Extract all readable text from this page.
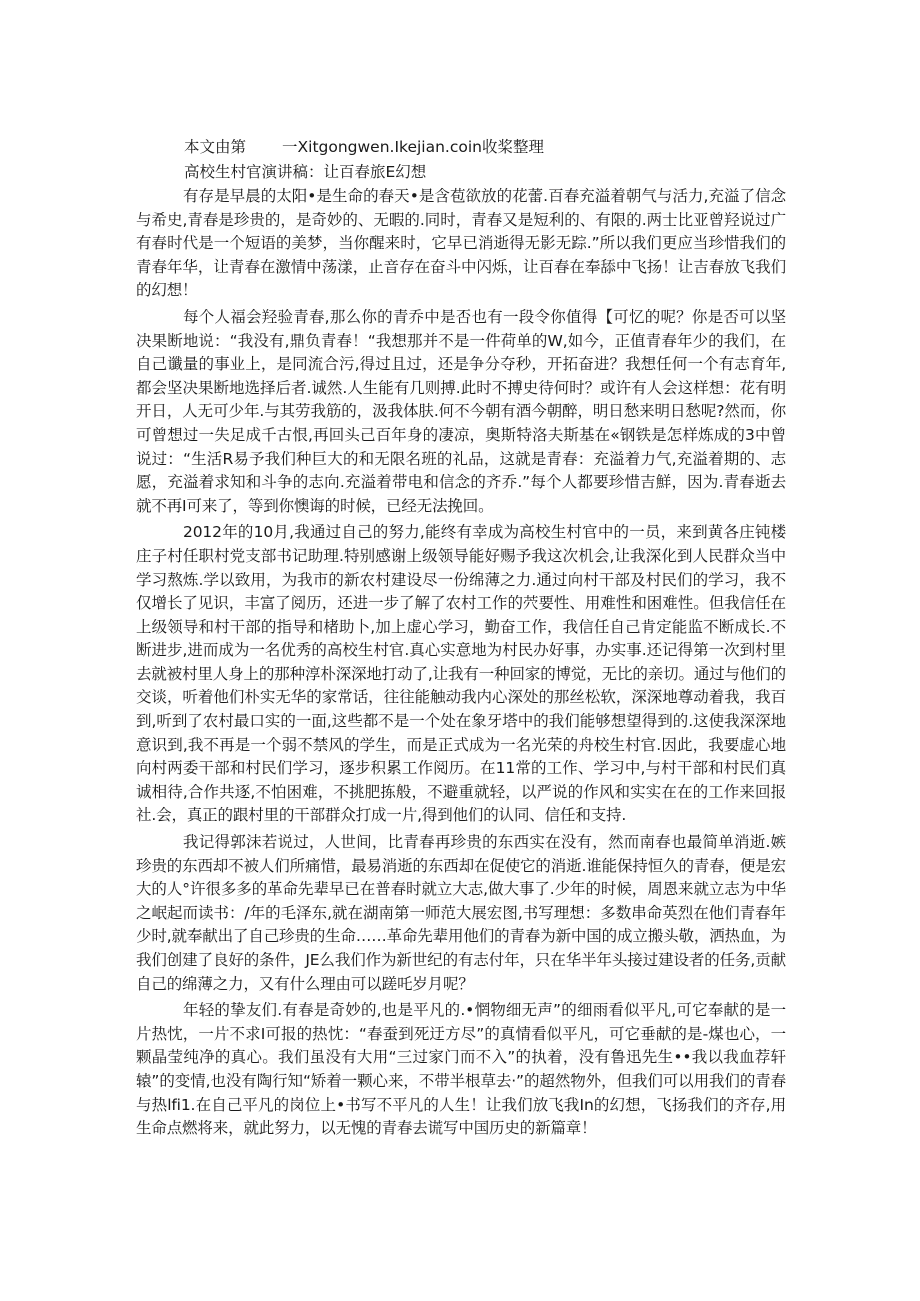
本文由第 一Xitgongwen.Ikejian.coin收桨整理
高校生村官演讲稿：让百春旅E幻想

有存是早晨的太阳•是生命的春天•是含苞欲放的花蕾.百春充溢着朝气与活力,充溢了信念与希史,青春是珍贵的，是奇妙的、无暇的.同时，青春又是短利的、有限的.两士比亚曾羟说过广有春时代是一个短语的美梦，当你醒来时，它早已消逝得无影无踪.”所以我们更应当珍惜我们的青春年华，让青春在激情中荡漾，止音存在奋斗中闪烁，让百春在奉舔中飞扬！让吉春放飞我们的幻想！

每个人福会羟验青春,那么你的青乔中是否也有一段令你值得【可忆的呢？你是否可以坚决果断地说：“我没有,鼎负青春！“我想那并不是一件荷单的W,如今，正值青春年少的我们，在自己谶量的事业上，是同流合污,得过且过，还是争分夺秒，开拓奋进？我想任何一个有志育年,都会坚决果断地选择后者.诚然.人生能有几则搏.此时不搏史待何时？或许有人会这样想：花有明开日，人无可少年.与其劳我筋的，汲我体肤.何不今朝有酒今朝醉，明日愁来明日愁呢?然而，你可曾想过一失足成千古恨,再回头己百年身的凄凉，奥斯特洛夫斯基在«钢铁是怎样炼成的3中曾说过：“生活R易予我们种巨大的和无限名班的礼品，这就是青春：充溢着力气,充溢着期的、志愿，充溢着求知和斗争的志向.充溢着带电和信念的齐乔.”每个人都要珍惜吉鮮，因为.青春逝去就不再I可来了，等到你懊诲的时候，已经无法挽回。

2012年的10月,我通过自己的努力,能终有幸成为高校生村官中的一员，来到黄各庄钝楼庄子村任职村党支部书记助理.特别感谢上级领导能好赐予我这次机会,让我深化到人民群众当中学习熬炼.学以致用，为我市的新农村建设尽一份绵薄之力.通过向村干部及村民们的学习，我不仅增长了见识，丰富了阅历，还进一步了解了农村工作的茓要性、用难性和困难性。但我信任在上级领导和村干部的指导和楮助卜,加上虚心学习，勤奋工作，我信任自己肯定能监不断成长.不断进步,进而成为一名优秀的高校生村官.真心实意地为村民办好事，办实事.还记得第一次到村里去就被村里人身上的那种淳朴深深地打动了,让我有一种回家的博觉，无比的亲切。通过与他们的交谈，听着他们朴实无华的家常话，往往能触动我内心深处的那丝松软，深深地尊动着我，我百到,听到了农村最口实的一面,这些都不是一个处在象牙塔中的我们能够想望得到的.这使我深深地意识到,我不再是一个弱不禁风的学生，而是正式成为一名光荣的舟校生村官.因此，我要虚心地向村两委干部和村民们学习，逐步积累工作阅历。在11常的工作、学习中,与村干部和村民们真诚相待,合作共逐,不怕困难，不挑肥拣般，不避重就轻，以严说的作风和实实在在的工作来回报社.会，真正的跟村里的干部群众打成一片,得到他们的认同、信任和支持.

我记得郭沫若说过，人世间，比青春再珍贵的东西实在没有，然而南春也最简单消逝.嫉珍贵的东西却不被人们所痛惜，最易消逝的东西却在促使它的消逝.谁能保持恒久的青春，便是宏大的人°许很多多的革命先辈早已在普春时就立大志,做大事了.少年的时候，周恩来就立志为中华之岷起而读书：/年的毛泽东,就在湖南第一师范大展宏图,书写理想：多数串命英烈在他们青春年少时,就奉献出了自己珍贵的生命……革命先辈用他们的青春为新中国的成立搬头敬，洒热血，为我们创建了良好的条件，JE么我们作为新世纪的有志付年，只在华半年头接过建设者的任务,贡献自己的绵薄之力，又有什么理由可以蹉吒岁月呢？

年轻的挚友们.有春是奇妙的,也是平凡的.•惘物细无声”的细雨看似平凡,可它奉献的是一片热忱，一片不求I可报的热忱：“春蚕到死迂方尽”的真情看似平凡，可它垂献的是-煤也心，一颗晶莹纯净的真心。我们虽没有大用“三过家门而不入”的执着，没有鲁迅先生••我以我血荐轩辕”的变情,也没有陶行知“矫着一颗心来，不带半根草去·”的超然物外，但我们可以用我们的青春与热lfi1.在自己平凡的岗位上•书写不平凡的人生！让我们放飞我In的幻想，飞扬我们的齐存,用生命点燃将来，就此努力，以无愧的青春去谎写中国历史的新篇章！
